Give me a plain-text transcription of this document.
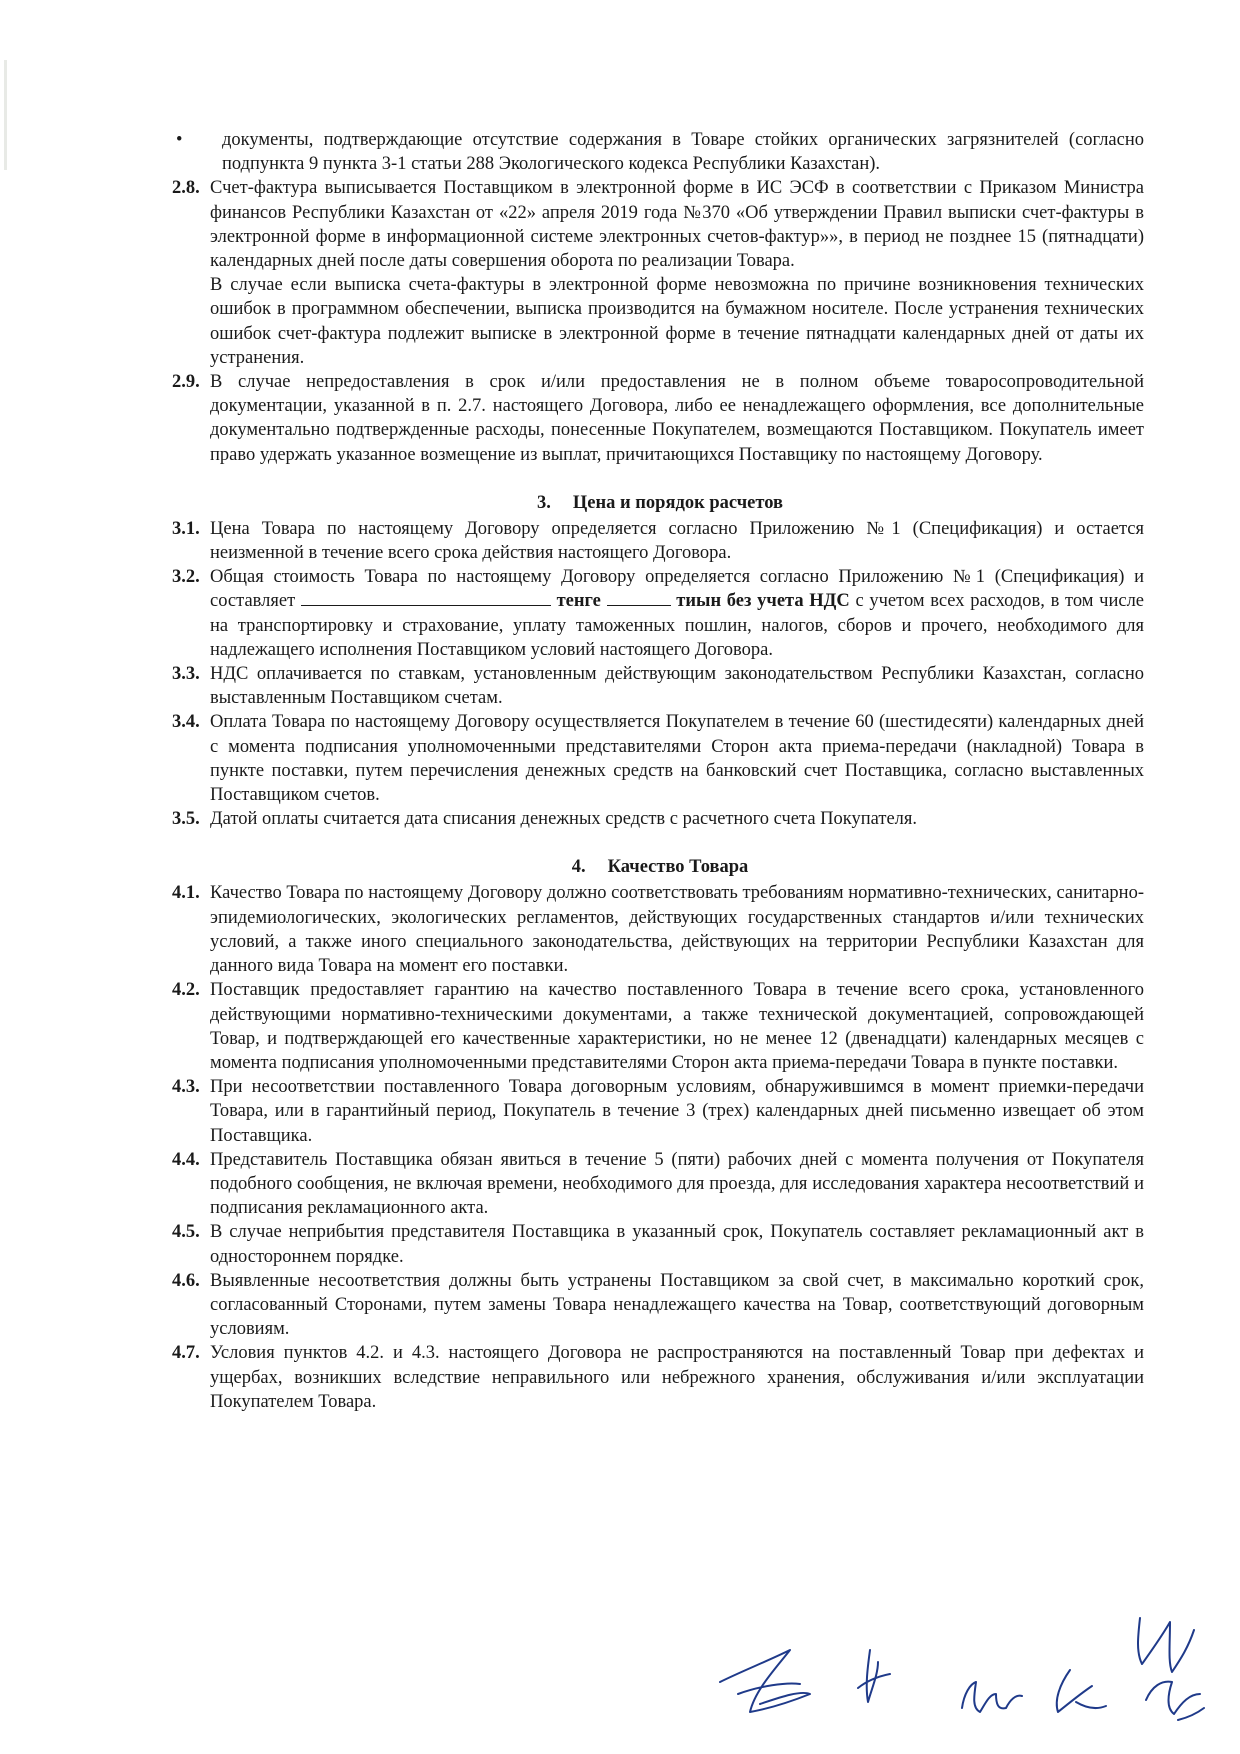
• документы, подтверждающие отсутствие содержания в Товаре стойких органических загрязнителей (согласно подпункта 9 пункта 3-1 статьи 288 Экологического кодекса Республики Казахстан).
2.8. Счет-фактура выписывается Поставщиком в электронной форме в ИС ЭСФ в соответствии с Приказом Министра финансов Республики Казахстан от «22» апреля 2019 года №370 «Об утверждении Правил выписки счет-фактуры в электронной форме в информационной системе электронных счетов-фактур»», в период не позднее 15 (пятнадцати) календарных дней после даты совершения оборота по реализации Товара.

В случае если выписка счета-фактуры в электронной форме невозможна по причине возникновения технических ошибок в программном обеспечении, выписка производится на бумажном носителе. После устранения технических ошибок счет-фактура подлежит выписке в электронной форме в течение пятнадцати календарных дней от даты их устранения.

2.9. В случае непредоставления в срок и/или предоставления не в полном объеме товаросопроводительной документации, указанной в п. 2.7. настоящего Договора, либо ее ненадлежащего оформления, все дополнительные документально подтвержденные расходы, понесенные Покупателем, возмещаются Поставщиком. Покупатель имеет право удержать указанное возмещение из выплат, причитающихся Поставщику по настоящему Договору.

3. Цена и порядок расчетов
3.1. Цена Товара по настоящему Договору определяется согласно Приложению №1 (Спецификация) и остается неизменной в течение всего срока действия настоящего Договора.

3.2. Общая стоимость Товара по настоящему Договору определяется согласно Приложению №1 (Спецификация) и составляет	тенге	тиын без учета НДС с учетом всех расходов, в том числе на транспортировку и страхование, уплату таможенных пошлин, налогов, сборов и прочего, необходимого для надлежащего исполнения Поставщиком условий настоящего Договора.

3.3. НДС оплачивается по ставкам, установленным действующим законодательством Республики Казахстан, согласно выставленным Поставщиком счетам.

3.4. Оплата Товара по настоящему Договору осуществляется Покупателем в течение 60 (шестидесяти) календарных дней с момента подписания уполномоченными представителями Сторон акта приема-передачи (накладной) Товара в пункте поставки, путем перечисления денежных средств на банковский счет Поставщика, согласно выставленных Поставщиком счетов.

3.5. Датой оплаты считается дата списания денежных средств с расчетного счета Покупателя.

4. Качество Товара
4.1. Качество Товара по настоящему Договору должно соответствовать требованиям нормативно-технических, санитарно-эпидемиологических, экологических регламентов, действующих государственных стандартов и/или технических условий, а также иного специального законодательства, действующих на территории Республики Казахстан для данного вида Товара на момент его поставки.

4.2. Поставщик предоставляет гарантию на качество поставленного Товара в течение всего срока, установленного действующими нормативно-техническими документами, а также технической документацией, сопровождающей Товар, и подтверждающей его качественные характеристики, но не менее 12 (двенадцати) календарных месяцев с момента подписания уполномоченными представителями Сторон акта приема-передачи Товара в пункте поставки.

4.3. При несоответствии поставленного Товара договорным условиям, обнаружившимся в момент приемки-передачи Товара, или в гарантийный период, Покупатель в течение 3 (трех) календарных дней письменно извещает об этом Поставщика.

4.4. Представитель Поставщика обязан явиться в течение 5 (пяти) рабочих дней с момента получения от Покупателя подобного сообщения, не включая времени, необходимого для проезда, для исследования характера несоответствий и подписания рекламационного акта.

4.5. В случае неприбытия представителя Поставщика в указанный срок, Покупатель составляет рекламационный акт в одностороннем порядке.

4.6. Выявленные несоответствия должны быть устранены Поставщиком за свой счет, в максимально короткий срок, согласованный Сторонами, путем замены Товара ненадлежащего качества на Товар, соответствующий договорным условиям.

4.7. Условия пунктов 4.2. и 4.3. настоящего Договора не распространяются на поставленный Товар при дефектах и ущербах, возникших вследствие неправильного или небрежного хранения, обслуживания и/или эксплуатации Покупателем Товара.
